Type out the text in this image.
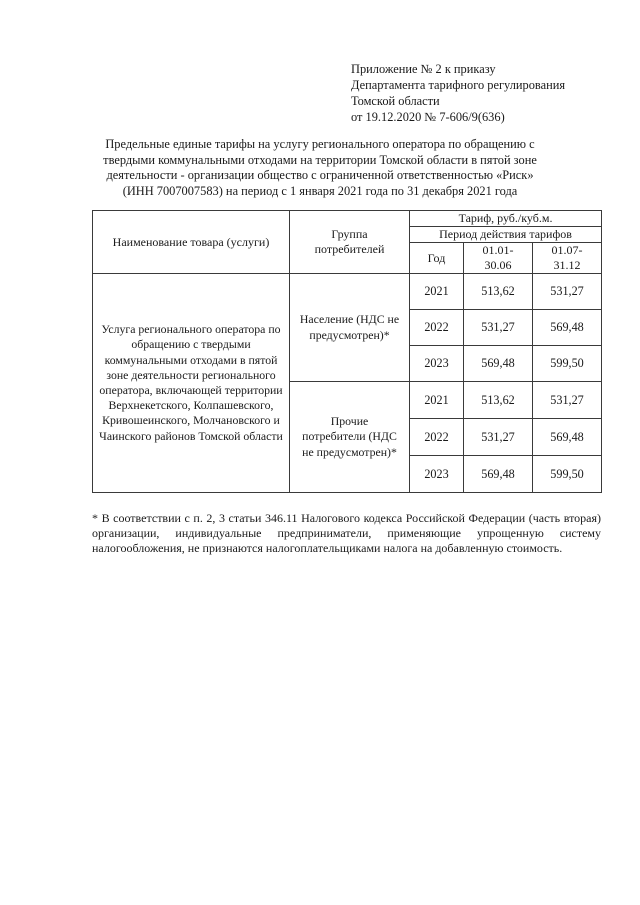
Приложение № 2 к приказу
Департамента тарифного регулирования
Томской области
от 19.12.2020 № 7-606/9(636)
Предельные единые тарифы на услугу регионального оператора по обращению с
твердыми коммунальными отходами на территории Томской области в пятой зоне
деятельности - организации общество с ограниченной ответственностью «Риск»
(ИНН 7007007583) на период с 1 января 2021 года по 31 декабря 2021 года
Наименование товара (услуги)	Группа потребителей	Тариф, руб./куб.м.		
		Период действия тарифов		
		Год	01.01-30.06	01.07-31.12
Услуга регионального оператора по обращению с твердыми коммунальными отходами в пятой зоне деятельности регионального оператора, включающей территории Верхнекетского, Колпашевского, Кривошеинского, Молчановского и Чаинского районов Томской области	Население (НДС не предусмотрен)*	2021	513,62	531,27
		2022	531,27	569,48
		2023	569,48	599,50
	Прочие потребители (НДС не предусмотрен)*	2021	513,62	531,27
		2022	531,27	569,48
		2023	569,48	599,50
* В соответствии с п. 2, 3 статьи 346.11 Налогового кодекса Российской Федерации (часть вторая) организации, индивидуальные предприниматели, применяющие упрощенную систему налогообложения, не признаются налогоплательщиками налога на добавленную стоимость.
